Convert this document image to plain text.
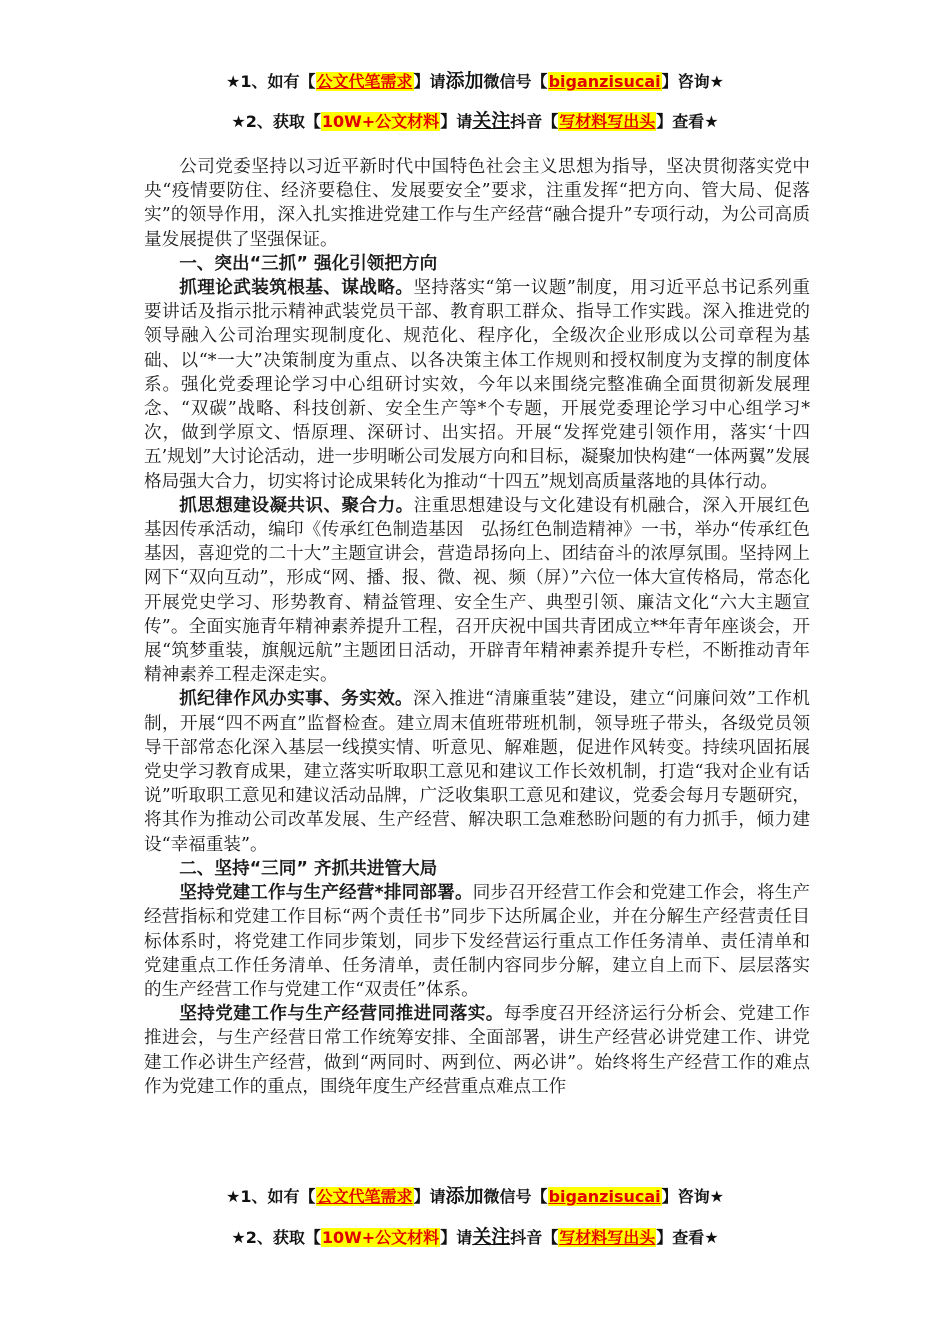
★1、如有【公文代笔需求】请添加微信号【biganzisucai】咨询★
★2、获取【10W+公文材料】请关注抖音【写材料写出头】查看★

公司党委坚持以习近平新时代中国特色社会主义思想为指导，坚决贯彻落实党中央“疫情要防住、经济要稳住、发展要安全”要求，注重发挥“把方向、管大局、促落实”的领导作用，深入扎实推进党建工作与生产经营“融合提升”专项行动，为公司高质量发展提供了坚强保证。

一、突出“三抓” 强化引领把方向

抓理论武装筑根基、谋战略。坚持落实“第一议题”制度，用习近平总书记系列重要讲话及指示批示精神武装党员干部、教育职工群众、指导工作实践。深入推进党的领导融入公司治理实现制度化、规范化、程序化，全级次企业形成以公司章程为基础、以“*一大”决策制度为重点、以各决策主体工作规则和授权制度为支撑的制度体系。强化党委理论学习中心组研讨实效，今年以来围绕完整准确全面贯彻新发展理念、“双碳”战略、科技创新、安全生产等*个专题，开展党委理论学习中心组学习*次，做到学原文、悟原理、深研讨、出实招。开展“发挥党建引领作用，落实‘十四五’规划”大讨论活动，进一步明晰公司发展方向和目标，凝聚加快构建“一体两翼”发展格局强大合力，切实将讨论成果转化为推动“十四五”规划高质量落地的具体行动。

抓思想建设凝共识、聚合力。注重思想建设与文化建设有机融合，深入开展红色基因传承活动，编印《传承红色制造基因　弘扬红色制造精神》一书，举办“传承红色基因，喜迎党的二十大”主题宣讲会，营造昂扬向上、团结奋斗的浓厚氛围。坚持网上网下“双向互动”，形成“网、播、报、微、视、频（屏）”六位一体大宣传格局，常态化开展党史学习、形势教育、精益管理、安全生产、典型引领、廉洁文化“六大主题宣传”。全面实施青年精神素养提升工程，召开庆祝中国共青团成立**年青年座谈会，开展“筑梦重装，旗舰远航”主题团日活动，开辟青年精神素养提升专栏，不断推动青年精神素养工程走深走实。

抓纪律作风办实事、务实效。深入推进“清廉重装”建设，建立“问廉问效”工作机制，开展“四不两直”监督检查。建立周末值班带班机制，领导班子带头，各级党员领导干部常态化深入基层一线摸实情、听意见、解难题，促进作风转变。持续巩固拓展党史学习教育成果，建立落实听取职工意见和建议工作长效机制，打造“我对企业有话说”听取职工意见和建议活动品牌，广泛收集职工意见和建议，党委会每月专题研究，将其作为推动公司改革发展、生产经营、解决职工急难愁盼问题的有力抓手，倾力建设“幸福重装”。

二、坚持“三同” 齐抓共进管大局

坚持党建工作与生产经营*排同部署。同步召开经营工作会和党建工作会，将生产经营指标和党建工作目标“两个责任书”同步下达所属企业，并在分解生产经营责任目标体系时，将党建工作同步策划，同步下发经营运行重点工作任务清单、责任清单和党建重点工作任务清单、任务清单，责任制内容同步分解，建立自上而下、层层落实的生产经营工作与党建工作“双责任”体系。

坚持党建工作与生产经营同推进同落实。每季度召开经济运行分析会、党建工作推进会，与生产经营日常工作统筹安排、全面部署，讲生产经营必讲党建工作、讲党建工作必讲生产经营，做到“两同时、两到位、两必讲”。始终将生产经营工作的难点作为党建工作的重点，围绕年度生产经营重点难点工作

★1、如有【公文代笔需求】请添加微信号【biganzisucai】咨询★
★2、获取【10W+公文材料】请关注抖音【写材料写出头】查看★
